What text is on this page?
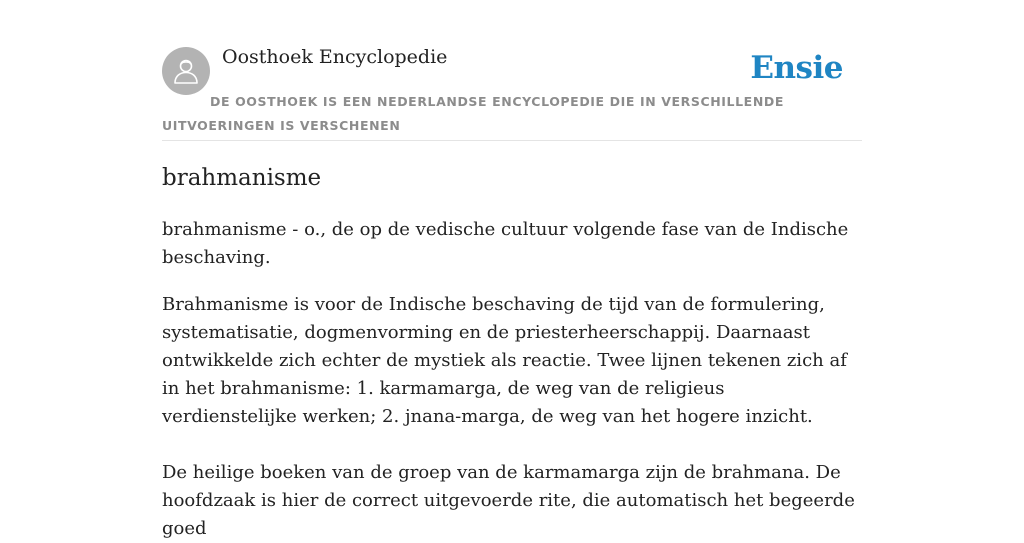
Oosthoek Encyclopedie	Ensie

DE OOSTHOEK IS EEN NEDERLANDSE ENCYCLOPEDIE DIE IN VERSCHILLENDE UITVOERINGEN IS VERSCHENEN

brahmanisme

brahmanisme - o., de op de vedische cultuur volgende fase van de Indische beschaving.

Brahmanisme is voor de Indische beschaving de tijd van de formulering, systematisatie, dogmenvorming en de priesterheerschappij. Daarnaast ontwikkelde zich echter de mystiek als reactie. Twee lijnen tekenen zich af in het brahmanisme: 1. karmamarga, de weg van de religieus verdienstelijke werken; 2. jnana-marga, de weg van het hogere inzicht.

De heilige boeken van de groep van de karmamarga zijn de brahmana. De hoofdzaak is hier de correct uitgevoerde rite, die automatisch het begeerde goed
